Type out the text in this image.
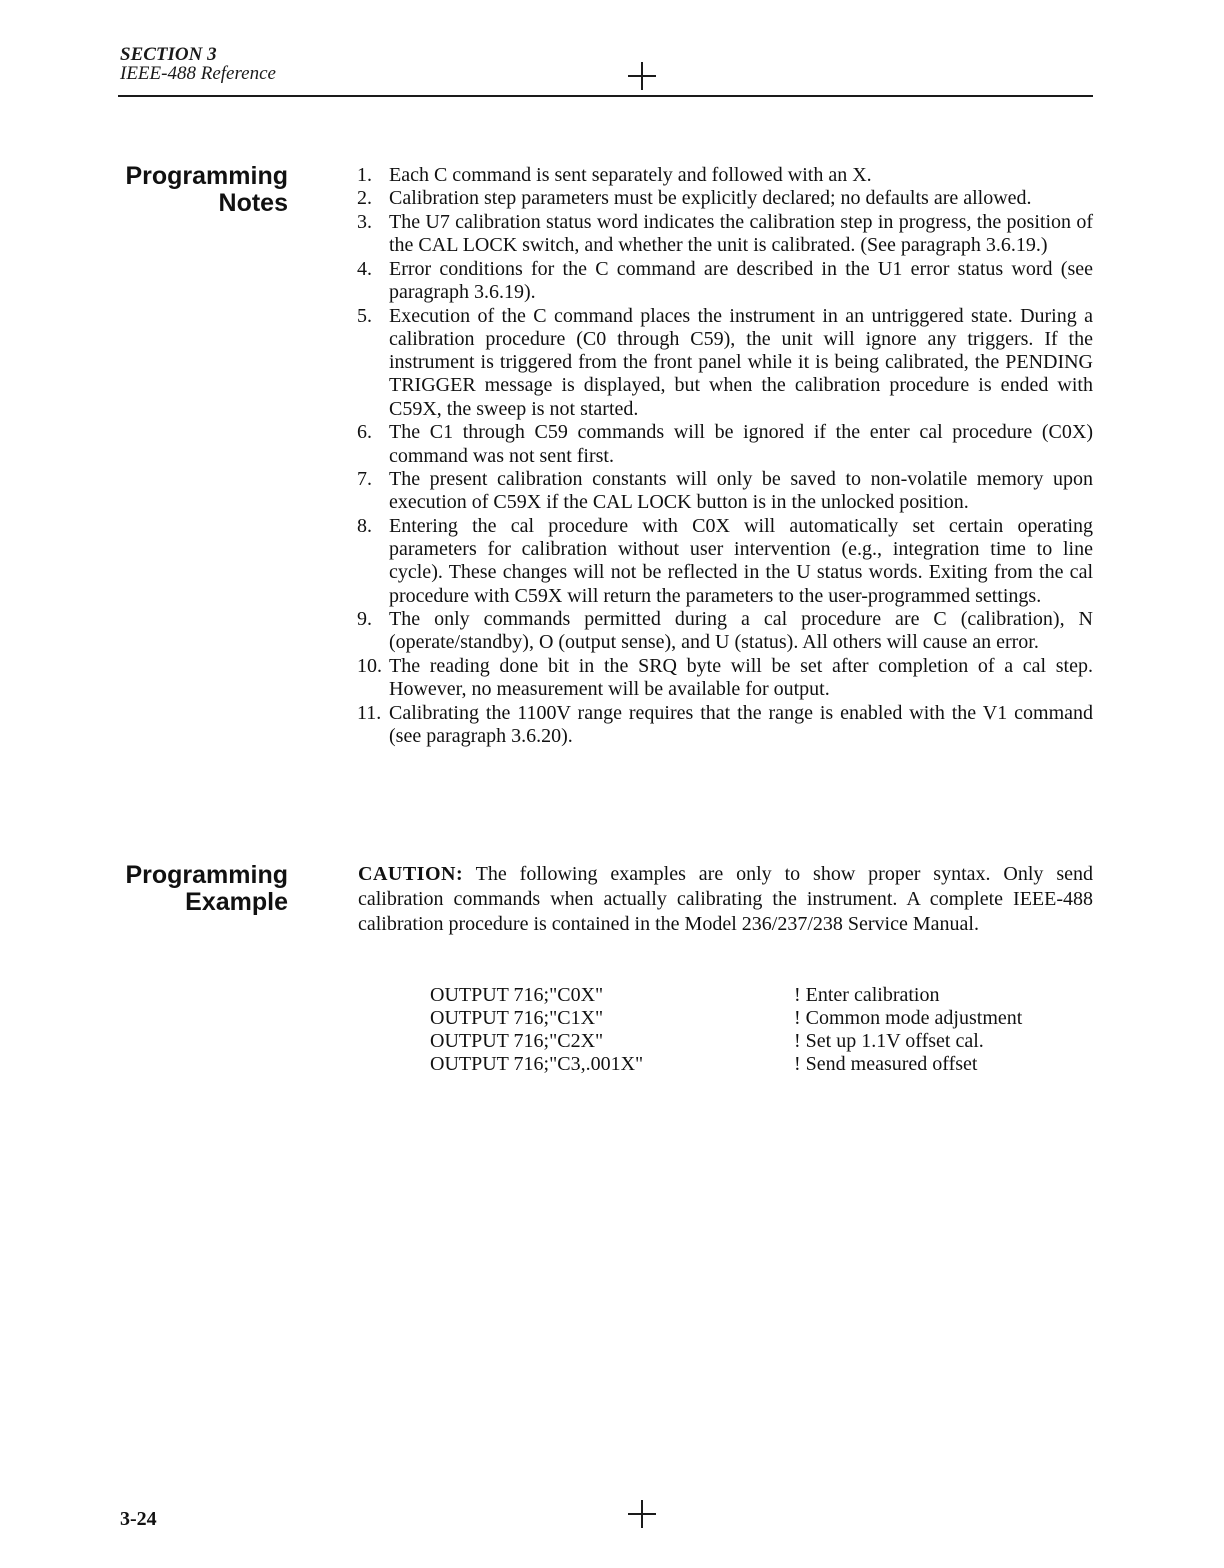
SECTION 3
IEEE-488 Reference
Programming
Notes
1. Each C command is sent separately and followed with an X.
2. Calibration step parameters must be explicitly declared; no defaults are allowed.
3. The U7 calibration status word indicates the calibration step in progress, the position of the CAL LOCK switch, and whether the unit is calibrated. (See paragraph 3.6.19.)
4. Error conditions for the C command are described in the U1 error status word (see paragraph 3.6.19).
5. Execution of the C command places the instrument in an untriggered state. During a calibration procedure (C0 through C59), the unit will ignore any triggers. If the instrument is triggered from the front panel while it is being calibrated, the PENDING TRIGGER message is displayed, but when the calibration procedure is ended with C59X, the sweep is not started.
6. The C1 through C59 commands will be ignored if the enter cal procedure (C0X) command was not sent first.
7. The present calibration constants will only be saved to non-volatile memory upon execution of C59X if the CAL LOCK button is in the unlocked position.
8. Entering the cal procedure with C0X will automatically set certain operating parameters for calibration without user intervention (e.g., integration time to line cycle). These changes will not be reflected in the U status words. Exiting from the cal procedure with C59X will return the parameters to the user-programmed settings.
9. The only commands permitted during a cal procedure are C (calibration), N (operate/standby), O (output sense), and U (status). All others will cause an error.
10. The reading done bit in the SRQ byte will be set after completion of a cal step. However, no measurement will be available for output.
11. Calibrating the 1100V range requires that the range is enabled with the V1 command (see paragraph 3.6.20).
Programming
Example
CAUTION: The following examples are only to show proper syntax. Only send calibration commands when actually calibrating the instrument. A complete IEEE-488 calibration procedure is contained in the Model 236/237/238 Service Manual.
OUTPUT 716;"C0X"	! Enter calibration
OUTPUT 716;"C1X"	! Common mode adjustment
OUTPUT 716;"C2X"	! Set up 1.1V offset cal.
OUTPUT 716;"C3,.001X"	! Send measured offset
3-24
